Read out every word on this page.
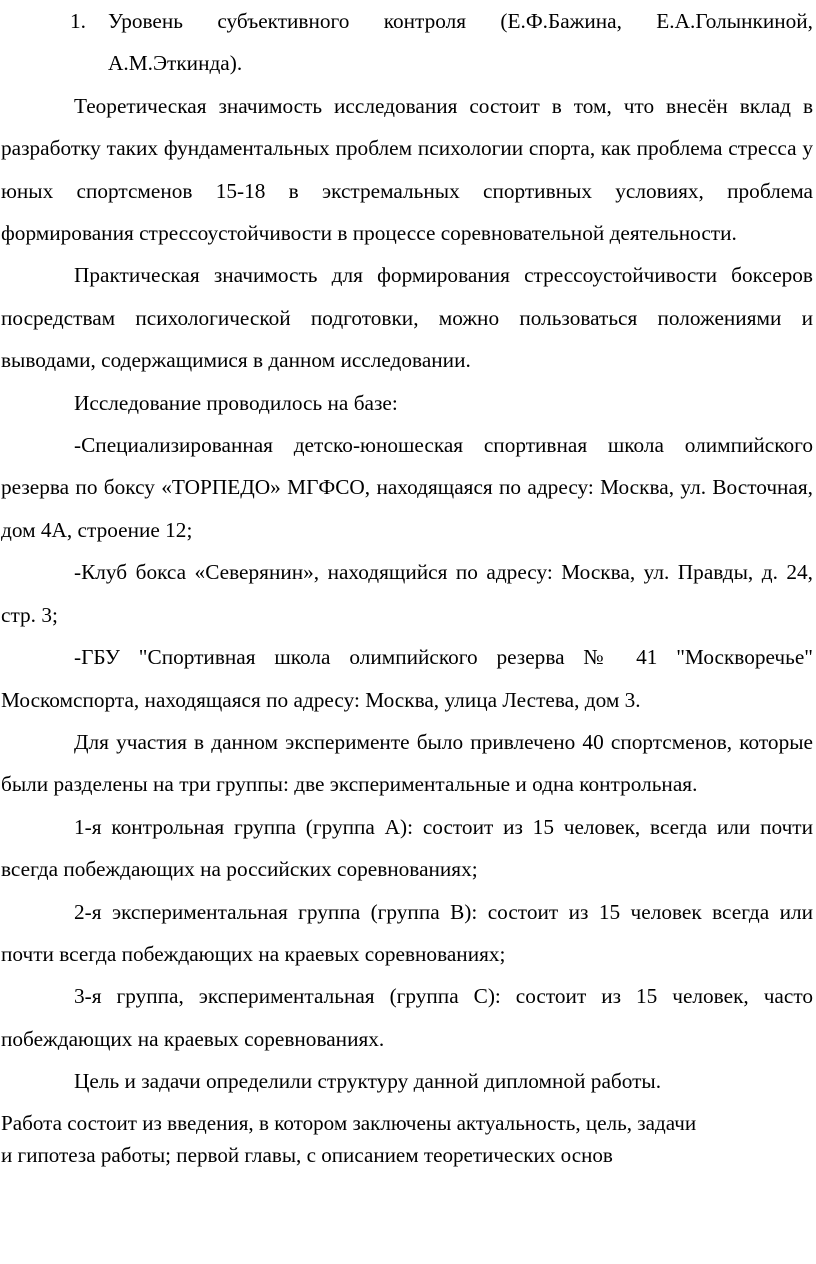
1. Уровень субъективного контроля (Е.Ф.Бажина, Е.А.Голынкиной, А.М.Эткинда).

Теоретическая значимость исследования состоит в том, что внесён вклад в разработку таких фундаментальных проблем психологии спорта, как проблема стресса у юных спортсменов 15-18 в экстремальных спортивных условиях, проблема формирования стрессоустойчивости в процессе соревновательной деятельности.

Практическая значимость для формирования стрессоустойчивости боксеров посредствам психологической подготовки, можно пользоваться положениями и выводами, содержащимися в данном исследовании.

Исследование проводилось на базе:

-Специализированная детско-юношеская спортивная школа олимпийского резерва по боксу «ТОРПЕДО» МГФСО, находящаяся по адресу: Москва, ул. Восточная, дом 4А, строение 12;

-Клуб бокса «Северянин», находящийся по адресу: Москва, ул. Правды, д. 24, стр. 3;

-ГБУ "Спортивная школа олимпийского резерва № 41 "Москворечье" Москомспорта, находящаяся по адресу: Москва, улица Лестева, дом 3.

Для участия в данном эксперименте было привлечено 40 спортсменов, которые были разделены на три группы: две экспериментальные и одна контрольная.

1-я контрольная группа (группа А): состоит из 15 человек, всегда или почти всегда побеждающих на российских соревнованиях;

2-я экспериментальная группа (группа В): состоит из 15 человек всегда или почти всегда побеждающих на краевых соревнованиях;

3-я группа, экспериментальная (группа С): состоит из 15 человек, часто побеждающих на краевых соревнованиях.

Цель и задачи определили структуру данной дипломной работы.

Работа состоит из введения, в котором заключены актуальность, цель, задачи
и гипотеза работы; первой главы, с описанием теоретических основ
